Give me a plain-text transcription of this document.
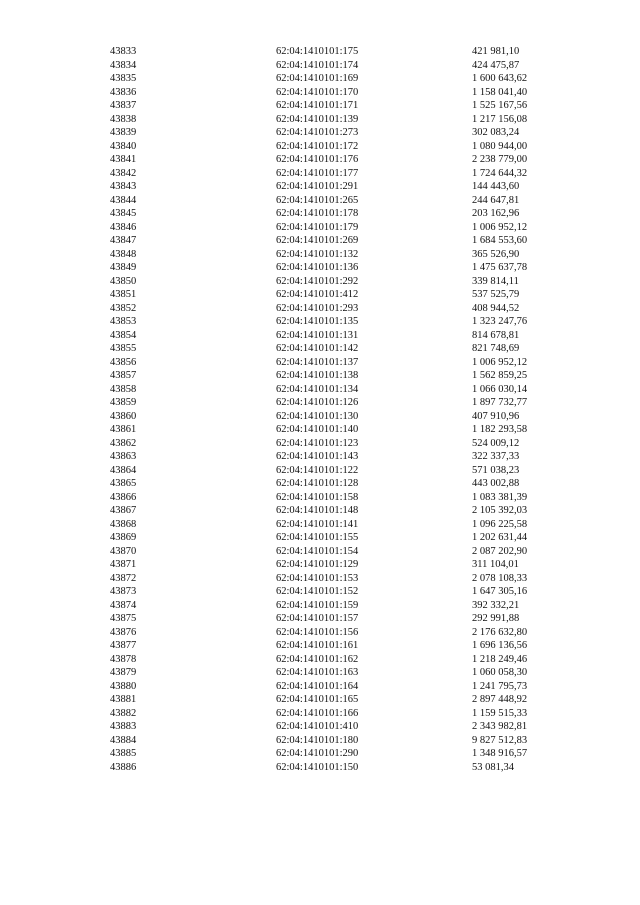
43833	62:04:1410101:175	421 981,10
43834	62:04:1410101:174	424 475,87
43835	62:04:1410101:169	1 600 643,62
43836	62:04:1410101:170	1 158 041,40
43837	62:04:1410101:171	1 525 167,56
43838	62:04:1410101:139	1 217 156,08
43839	62:04:1410101:273	302 083,24
43840	62:04:1410101:172	1 080 944,00
43841	62:04:1410101:176	2 238 779,00
43842	62:04:1410101:177	1 724 644,32
43843	62:04:1410101:291	144 443,60
43844	62:04:1410101:265	244 647,81
43845	62:04:1410101:178	203 162,96
43846	62:04:1410101:179	1 006 952,12
43847	62:04:1410101:269	1 684 553,60
43848	62:04:1410101:132	365 526,90
43849	62:04:1410101:136	1 475 637,78
43850	62:04:1410101:292	339 814,11
43851	62:04:1410101:412	537 525,79
43852	62:04:1410101:293	408 944,52
43853	62:04:1410101:135	1 323 247,76
43854	62:04:1410101:131	814 678,81
43855	62:04:1410101:142	821 748,69
43856	62:04:1410101:137	1 006 952,12
43857	62:04:1410101:138	1 562 859,25
43858	62:04:1410101:134	1 066 030,14
43859	62:04:1410101:126	1 897 732,77
43860	62:04:1410101:130	407 910,96
43861	62:04:1410101:140	1 182 293,58
43862	62:04:1410101:123	524 009,12
43863	62:04:1410101:143	322 337,33
43864	62:04:1410101:122	571 038,23
43865	62:04:1410101:128	443 002,88
43866	62:04:1410101:158	1 083 381,39
43867	62:04:1410101:148	2 105 392,03
43868	62:04:1410101:141	1 096 225,58
43869	62:04:1410101:155	1 202 631,44
43870	62:04:1410101:154	2 087 202,90
43871	62:04:1410101:129	311 104,01
43872	62:04:1410101:153	2 078 108,33
43873	62:04:1410101:152	1 647 305,16
43874	62:04:1410101:159	392 332,21
43875	62:04:1410101:157	292 991,88
43876	62:04:1410101:156	2 176 632,80
43877	62:04:1410101:161	1 696 136,56
43878	62:04:1410101:162	1 218 249,46
43879	62:04:1410101:163	1 060 058,30
43880	62:04:1410101:164	1 241 795,73
43881	62:04:1410101:165	2 897 448,92
43882	62:04:1410101:166	1 159 515,33
43883	62:04:1410101:410	2 343 982,81
43884	62:04:1410101:180	9 827 512,83
43885	62:04:1410101:290	1 348 916,57
43886	62:04:1410101:150	53 081,34
